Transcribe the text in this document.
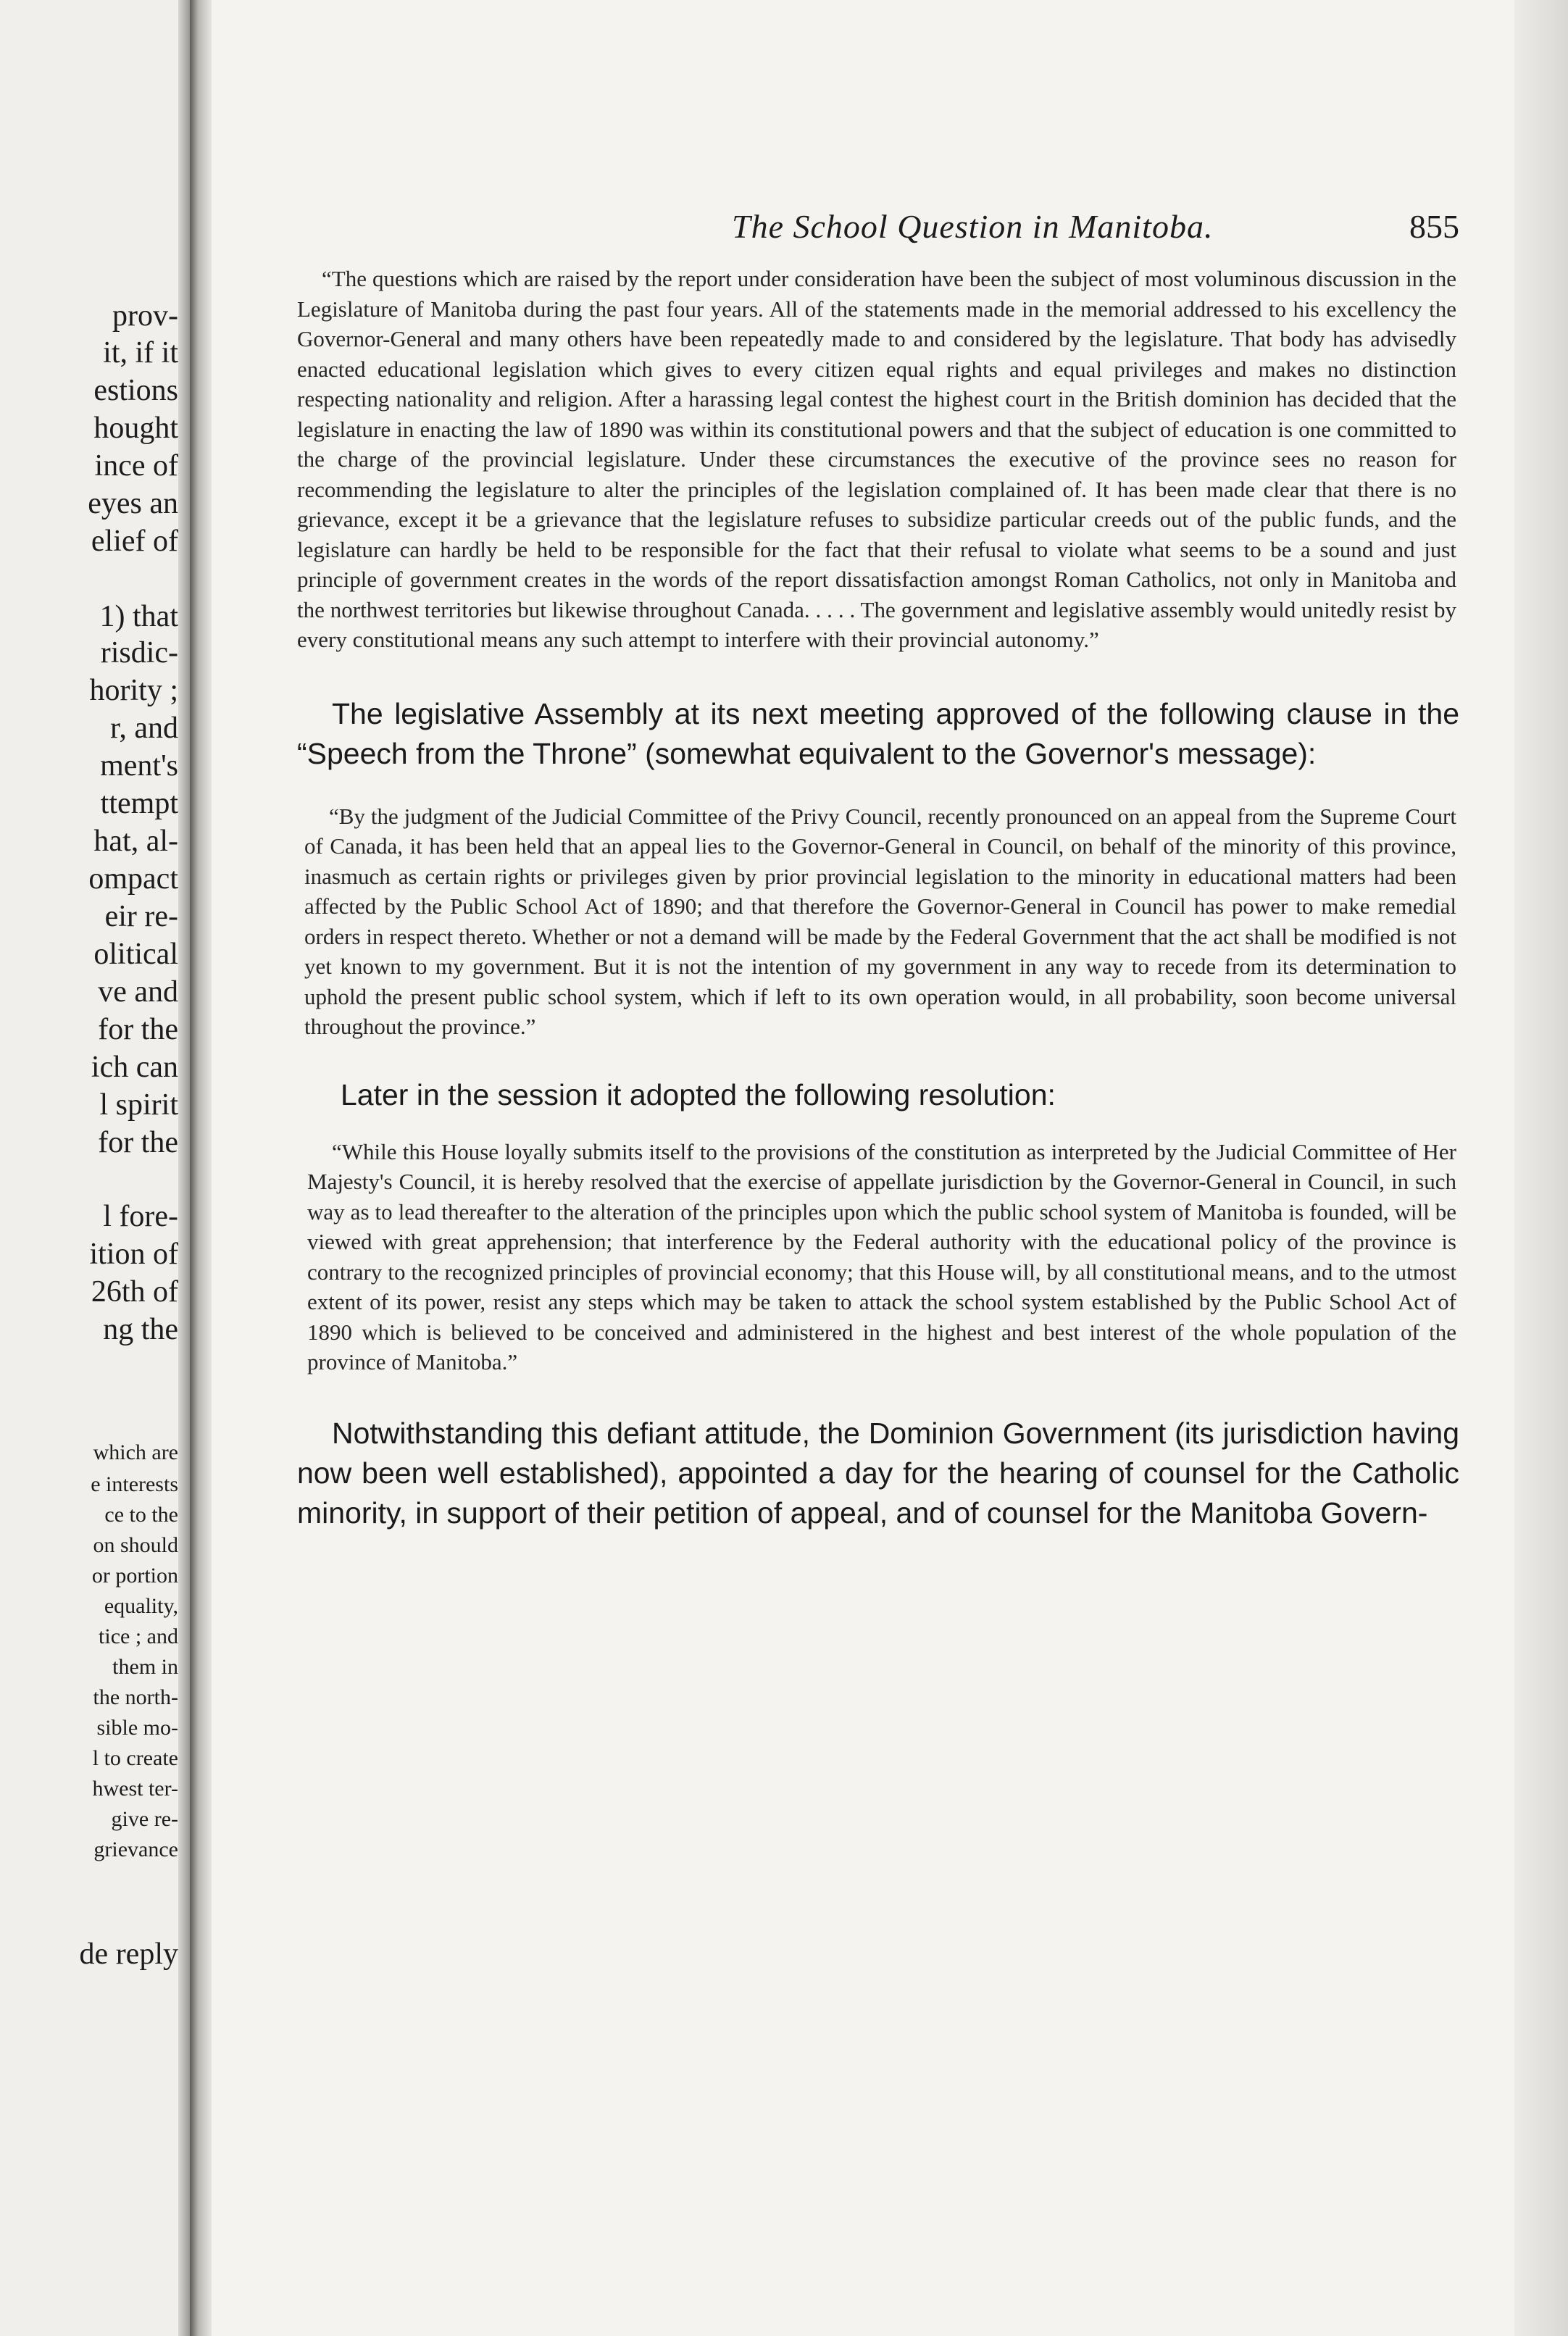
prov-
it, if it
estions
hought
ince of
eyes an
elief of
1) that
risdic-
hority ;
r, and
ment's
ttempt
hat, al-
ompact
eir re-
olitical
ve and
for the
ich can
l spirit
for the
l fore-
ition of
26th of
ng the
which are
e interests
ce to the
on should
or portion
equality,
tice ; and
them in
the north-
sible mo-
l to create
hwest ter-
give re-
grievance
de reply
The School Question in Manitoba.	855

“The questions which are raised by the report under consideration have been the subject of most voluminous discussion in the Legislature of Manitoba during the past four years. All of the statements made in the memorial addressed to his excellency the Governor-General and many others have been repeatedly made to and considered by the legislature. That body has advisedly enacted educational legislation which gives to every citizen equal rights and equal privileges and makes no distinction respecting nationality and religion. After a harassing legal contest the highest court in the British dominion has decided that the legislature in enacting the law of 1890 was within its constitutional powers and that the subject of education is one committed to the charge of the provincial legislature. Under these circumstances the executive of the province sees no reason for recommending the legislature to alter the principles of the legislation complained of. It has been made clear that there is no grievance, except it be a grievance that the legislature refuses to subsidize particular creeds out of the public funds, and the legislature can hardly be held to be responsible for the fact that their refusal to violate what seems to be a sound and just principle of government creates in the words of the report dissatisfaction amongst Roman Catholics, not only in Manitoba and the northwest territories but likewise throughout Canada. . . . . The government and legislative assembly would unitedly resist by every constitutional means any such attempt to interfere with their provincial autonomy.”

The legislative Assembly at its next meeting approved of the following clause in the “Speech from the Throne” (somewhat equivalent to the Governor's message):

“By the judgment of the Judicial Committee of the Privy Council, recently pronounced on an appeal from the Supreme Court of Canada, it has been held that an appeal lies to the Governor-General in Council, on behalf of the minority of this province, inasmuch as certain rights or privileges given by prior provincial legislation to the minority in educational matters had been affected by the Public School Act of 1890; and that therefore the Governor-General in Council has power to make remedial orders in respect thereto. Whether or not a demand will be made by the Federal Government that the act shall be modified is not yet known to my government. But it is not the intention of my government in any way to recede from its determination to uphold the present public school system, which if left to its own operation would, in all probability, soon become universal throughout the province.”

Later in the session it adopted the following resolution:

“While this House loyally submits itself to the provisions of the constitution as interpreted by the Judicial Committee of Her Majesty's Council, it is hereby resolved that the exercise of appellate jurisdiction by the Governor-General in Council, in such way as to lead thereafter to the alteration of the principles upon which the public school system of Manitoba is founded, will be viewed with great apprehension; that interference by the Federal authority with the educational policy of the province is contrary to the recognized principles of provincial economy; that this House will, by all constitutional means, and to the utmost extent of its power, resist any steps which may be taken to attack the school system established by the Public School Act of 1890 which is believed to be conceived and administered in the highest and best interest of the whole population of the province of Manitoba.”

Notwithstanding this defiant attitude, the Dominion Government (its jurisdiction having now been well established), appointed a day for the hearing of counsel for the Catholic minority, in support of their petition of appeal, and of counsel for the Manitoba Govern-
